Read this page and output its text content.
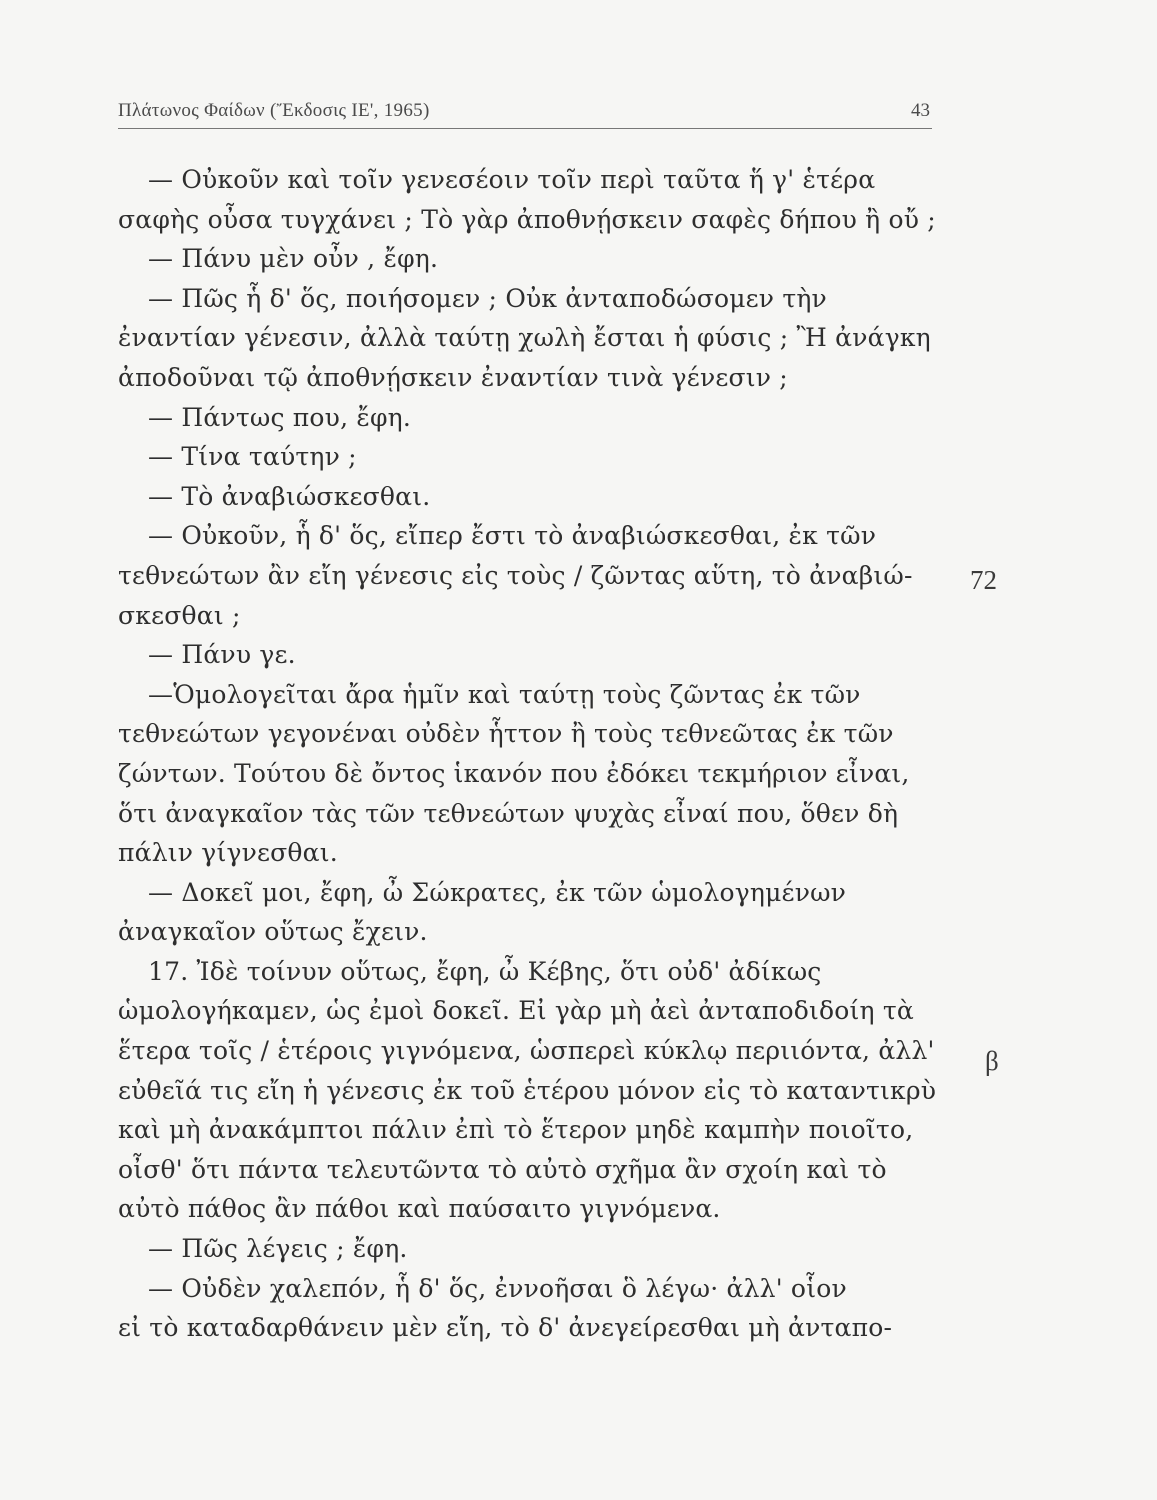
Πλάτωνος Φαίδων (Ἔκδοσις ΙΕ', 1965)	43
— Οὐκοῦν καὶ τοῖν γενεσέοιν τοῖν περὶ ταῦτα ἥ γ' ἑτέρα
σαφὴς οὖσα τυγχάνει ; Τὸ γὰρ ἀποθνῄσκειν σαφὲς δήπου ἢ οὔ ;
— Πάνυ μὲν οὖν , ἔφη.
— Πῶς ἧ δ' ὅς, ποιήσομεν ; Οὐκ ἀνταποδώσομεν τὴν
ἐναντίαν γένεσιν, ἀλλὰ ταύτῃ χωλὴ ἔσται ἡ φύσις ; Ἢ ἀνάγκη
ἀποδοῦναι τῷ ἀποθνῄσκειν ἐναντίαν τινὰ γένεσιν ;
— Πάντως που, ἔφη.
— Τίνα ταύτην ;
— Τὸ ἀναβιώσκεσθαι.
— Οὐκοῦν, ἧ δ' ὅς, εἴπερ ἔστι τὸ ἀναβιώσκεσθαι, ἐκ τῶν
τεθνεώτων ἂν εἴη γένεσις εἰς τοὺς / ζῶντας αὕτη, τὸ ἀναβιώ-
σκεσθαι ;
— Πάνυ γε.
—Ὁμολογεῖται ἄρα ἡμῖν καὶ ταύτῃ τοὺς ζῶντας ἐκ τῶν
τεθνεώτων γεγονέναι οὐδὲν ἧττον ἢ τοὺς τεθνεῶτας ἐκ τῶν
ζώντων. Τούτου δὲ ὄντος ἱκανόν που ἐδόκει τεκμήριον εἶναι,
ὅτι ἀναγκαῖον τὰς τῶν τεθνεώτων ψυχὰς εἶναί που, ὅθεν δὴ
πάλιν γίγνεσθαι.
— Δοκεῖ μοι, ἔφη, ὦ Σώκρατες, ἐκ τῶν ὡμολογημένων
ἀναγκαῖον οὕτως ἔχειν.
17. Ἰδὲ τοίνυν οὕτως, ἔφη, ὦ Κέβης, ὅτι οὐδ' ἀδίκως
ὡμολογήκαμεν, ὡς ἐμοὶ δοκεῖ. Εἰ γὰρ μὴ ἀεὶ ἀνταποδιδοίη τὰ
ἕτερα τοῖς / ἑτέροις γιγνόμενα, ὡσπερεὶ κύκλῳ περιιόντα, ἀλλ'
εὐθεῖά τις εἴη ἡ γένεσις ἐκ τοῦ ἑτέρου μόνον εἰς τὸ καταντικρὺ
καὶ μὴ ἀνακάμπτοι πάλιν ἐπὶ τὸ ἕτερον μηδὲ καμπὴν ποιοῖτο,
οἶσθ' ὅτι πάντα τελευτῶντα τὸ αὐτὸ σχῆμα ἂν σχοίη καὶ τὸ
αὐτὸ πάθος ἂν πάθοι καὶ παύσαιτο γιγνόμενα.
— Πῶς λέγεις ; ἔφη.
— Οὐδὲν χαλεπόν, ἧ δ' ὅς, ἐννοῆσαι ὃ λέγω· ἀλλ' οἷον
εἰ τὸ καταδαρθάνειν μὲν εἴη, τὸ δ' ἀνεγείρεσθαι μὴ ἀνταπο-
72
β
